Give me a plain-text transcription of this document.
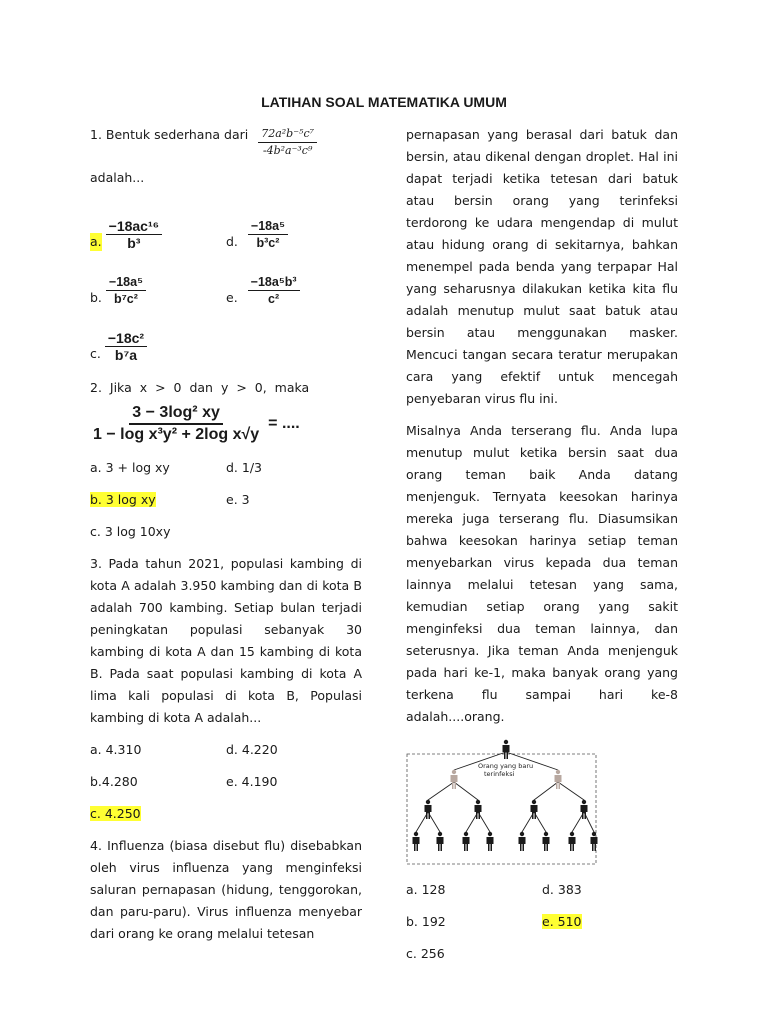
LATIHAN SOAL MATEMATIKA UMUM
1. Bentuk sederhana dari $\frac{\text{72a²b⁻⁵c⁷}}{\text{-4b²a⁻³c⁹}}$
adalah...
a. $\frac{\text{−18ac¹⁶}}{\text{b³}}$	d. $\frac{\text{−18a⁵}}{\text{b³c²}}$
b. $\frac{\text{−18a⁵}}{\text{b⁷c²}}$	e. $\frac{\text{−18a⁵b³}}{\text{c²}}$
c. $\frac{\text{−18c²}}{\text{b⁷a}}$
2. Jika x > 0 dan y > 0, maka
$\frac{\text{3 − 3log² xy}}{\text{1 − log x³y² + 2log x√y}}$ = ....
a. 3 + log xy	d. 1/3
b. 3 log xy	e. 3
c. 3 log 10xy
3. Pada tahun 2021, populasi kambing di kota A adalah 3.950 kambing dan di kota B adalah 700 kambing. Setiap bulan terjadi peningkatan populasi sebanyak 30 kambing di kota A dan 15 kambing di kota B. Pada saat populasi kambing di kota A lima kali populasi di kota B, Populasi kambing di kota A adalah...
a. 4.310	d. 4.220
b.4.280	e. 4.190
c. 4.250
4. Influenza (biasa disebut flu) disebabkan oleh virus influenza yang menginfeksi saluran pernapasan (hidung, tenggorokan, dan paru-paru). Virus influenza menyebar dari orang ke orang melalui tetesan
pernapasan yang berasal dari batuk dan bersin, atau dikenal dengan droplet. Hal ini dapat terjadi ketika tetesan dari batuk atau bersin orang yang terinfeksi terdorong ke udara mengendap di mulut atau hidung orang di sekitarnya, bahkan menempel pada benda yang terpapar Hal yang seharusnya dilakukan ketika kita flu adalah menutup mulut saat batuk atau bersin atau menggunakan masker. Mencuci tangan secara teratur merupakan cara yang efektif untuk mencegah penyebaran virus flu ini.
Misalnya Anda terserang flu. Anda lupa menutup mulut ketika bersin saat dua orang teman baik Anda datang menjenguk. Ternyata keesokan harinya mereka juga terserang flu. Diasumsikan bahwa keesokan harinya setiap teman menyebarkan virus kepada dua teman lainnya melalui tetesan yang sama, kemudian setiap orang yang sakit menginfeksi dua teman lainnya, dan seterusnya. Jika teman Anda menjenguk pada hari ke-1, maka banyak orang yang terkena flu sampai hari ke-8 adalah....orang.
Orang yang baru
terinfeksi
a. 128	d. 383
b. 192	e. 510
c. 256
